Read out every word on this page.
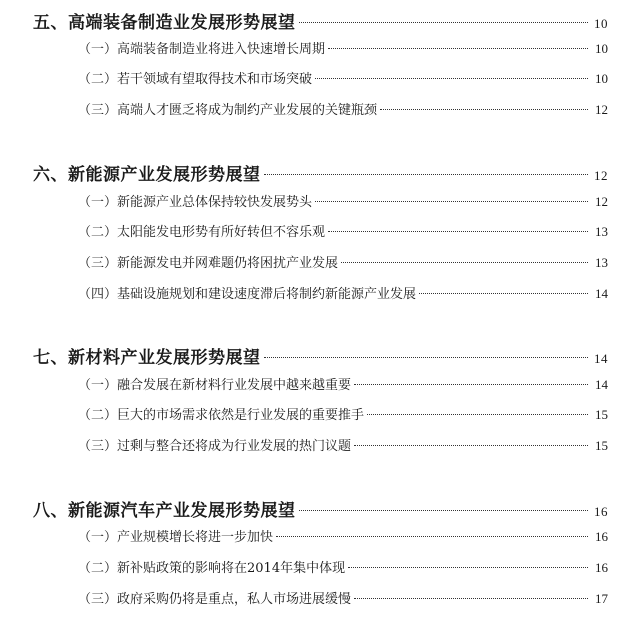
五、高端装备制造业发展形势展望	10
（一）高端装备制造业将进入快速增长周期	10
（二）若干领域有望取得技术和市场突破	10
（三）高端人才匮乏将成为制约产业发展的关键瓶颈	12
六、新能源产业发展形势展望	12
（一）新能源产业总体保持较快发展势头	12
（二）太阳能发电形势有所好转但不容乐观	13
（三）新能源发电并网难题仍将困扰产业发展	13
（四）基础设施规划和建设速度滞后将制约新能源产业发展	14
七、新材料产业发展形势展望	14
（一）融合发展在新材料行业发展中越来越重要	14
（二）巨大的市场需求依然是行业发展的重要推手	15
（三）过剩与整合还将成为行业发展的热门议题	15
八、新能源汽车产业发展形势展望	16
（一）产业规模增长将进一步加快	16
（二）新补贴政策的影响将在2014年集中体现	16
（三）政府采购仍将是重点，私人市场进展缓慢	17
